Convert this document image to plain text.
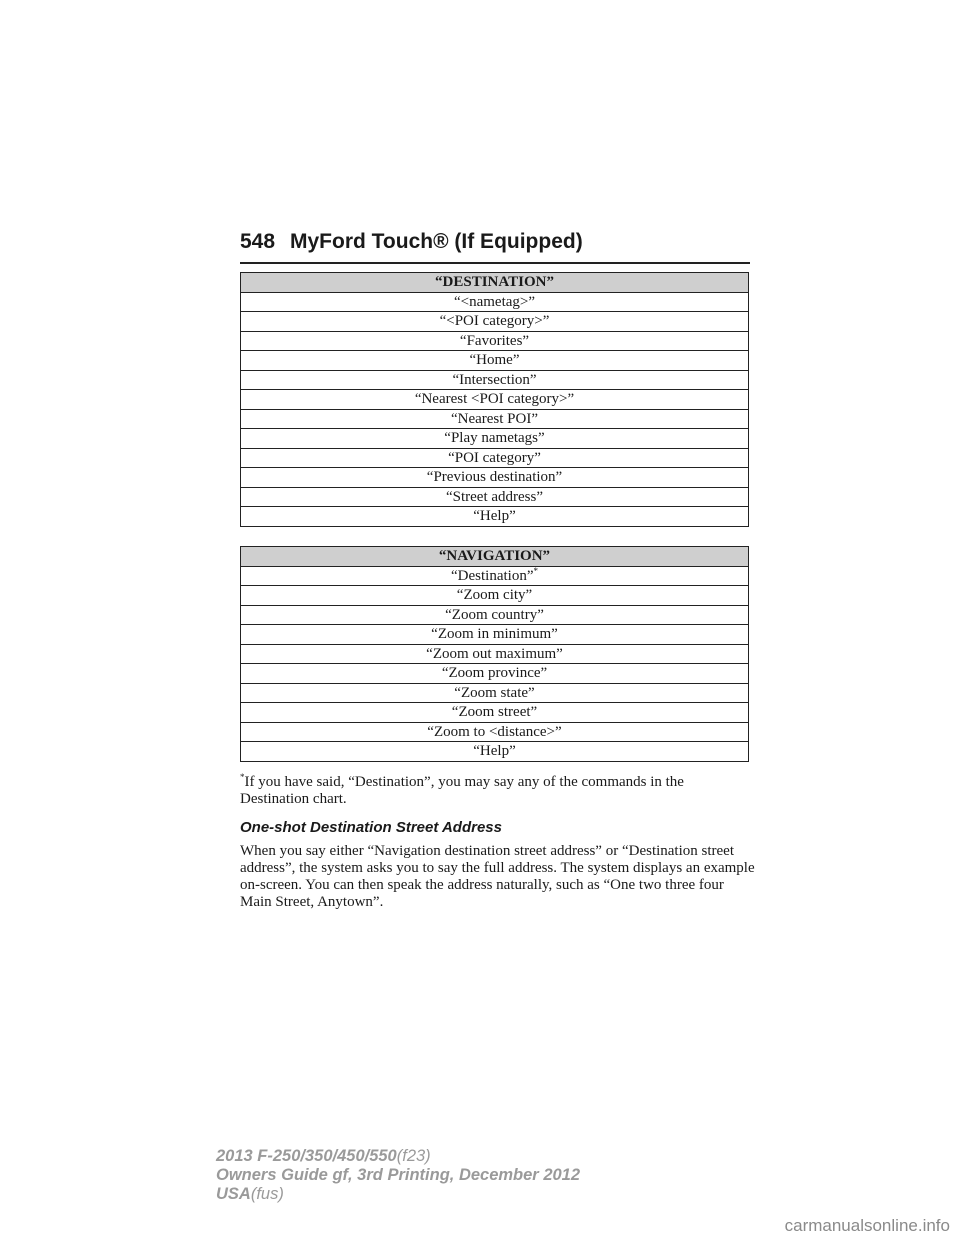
548 MyFord Touch® (If Equipped)
“DESTINATION”
“<nametag>”
“<POI category>”
“Favorites”
“Home”
“Intersection”
“Nearest <POI category>”
“Nearest POI”
“Play nametags”
“POI category”
“Previous destination”
“Street address”
“Help”
“NAVIGATION”
“Destination”*
“Zoom city”
“Zoom country”
“Zoom in minimum”
“Zoom out maximum”
“Zoom province”
“Zoom state”
“Zoom street”
“Zoom to <distance>”
“Help”
*If you have said, “Destination”, you may say any of the commands in the Destination chart.
One-shot Destination Street Address
When you say either “Navigation destination street address” or “Destination street address”, the system asks you to say the full address. The system displays an example on-screen. You can then speak the address naturally, such as “One two three four Main Street, Anytown”.
2013 F-250/350/450/550(f23)
Owners Guide gf, 3rd Printing, December 2012
USA(fus)
carmanualsonline.info
